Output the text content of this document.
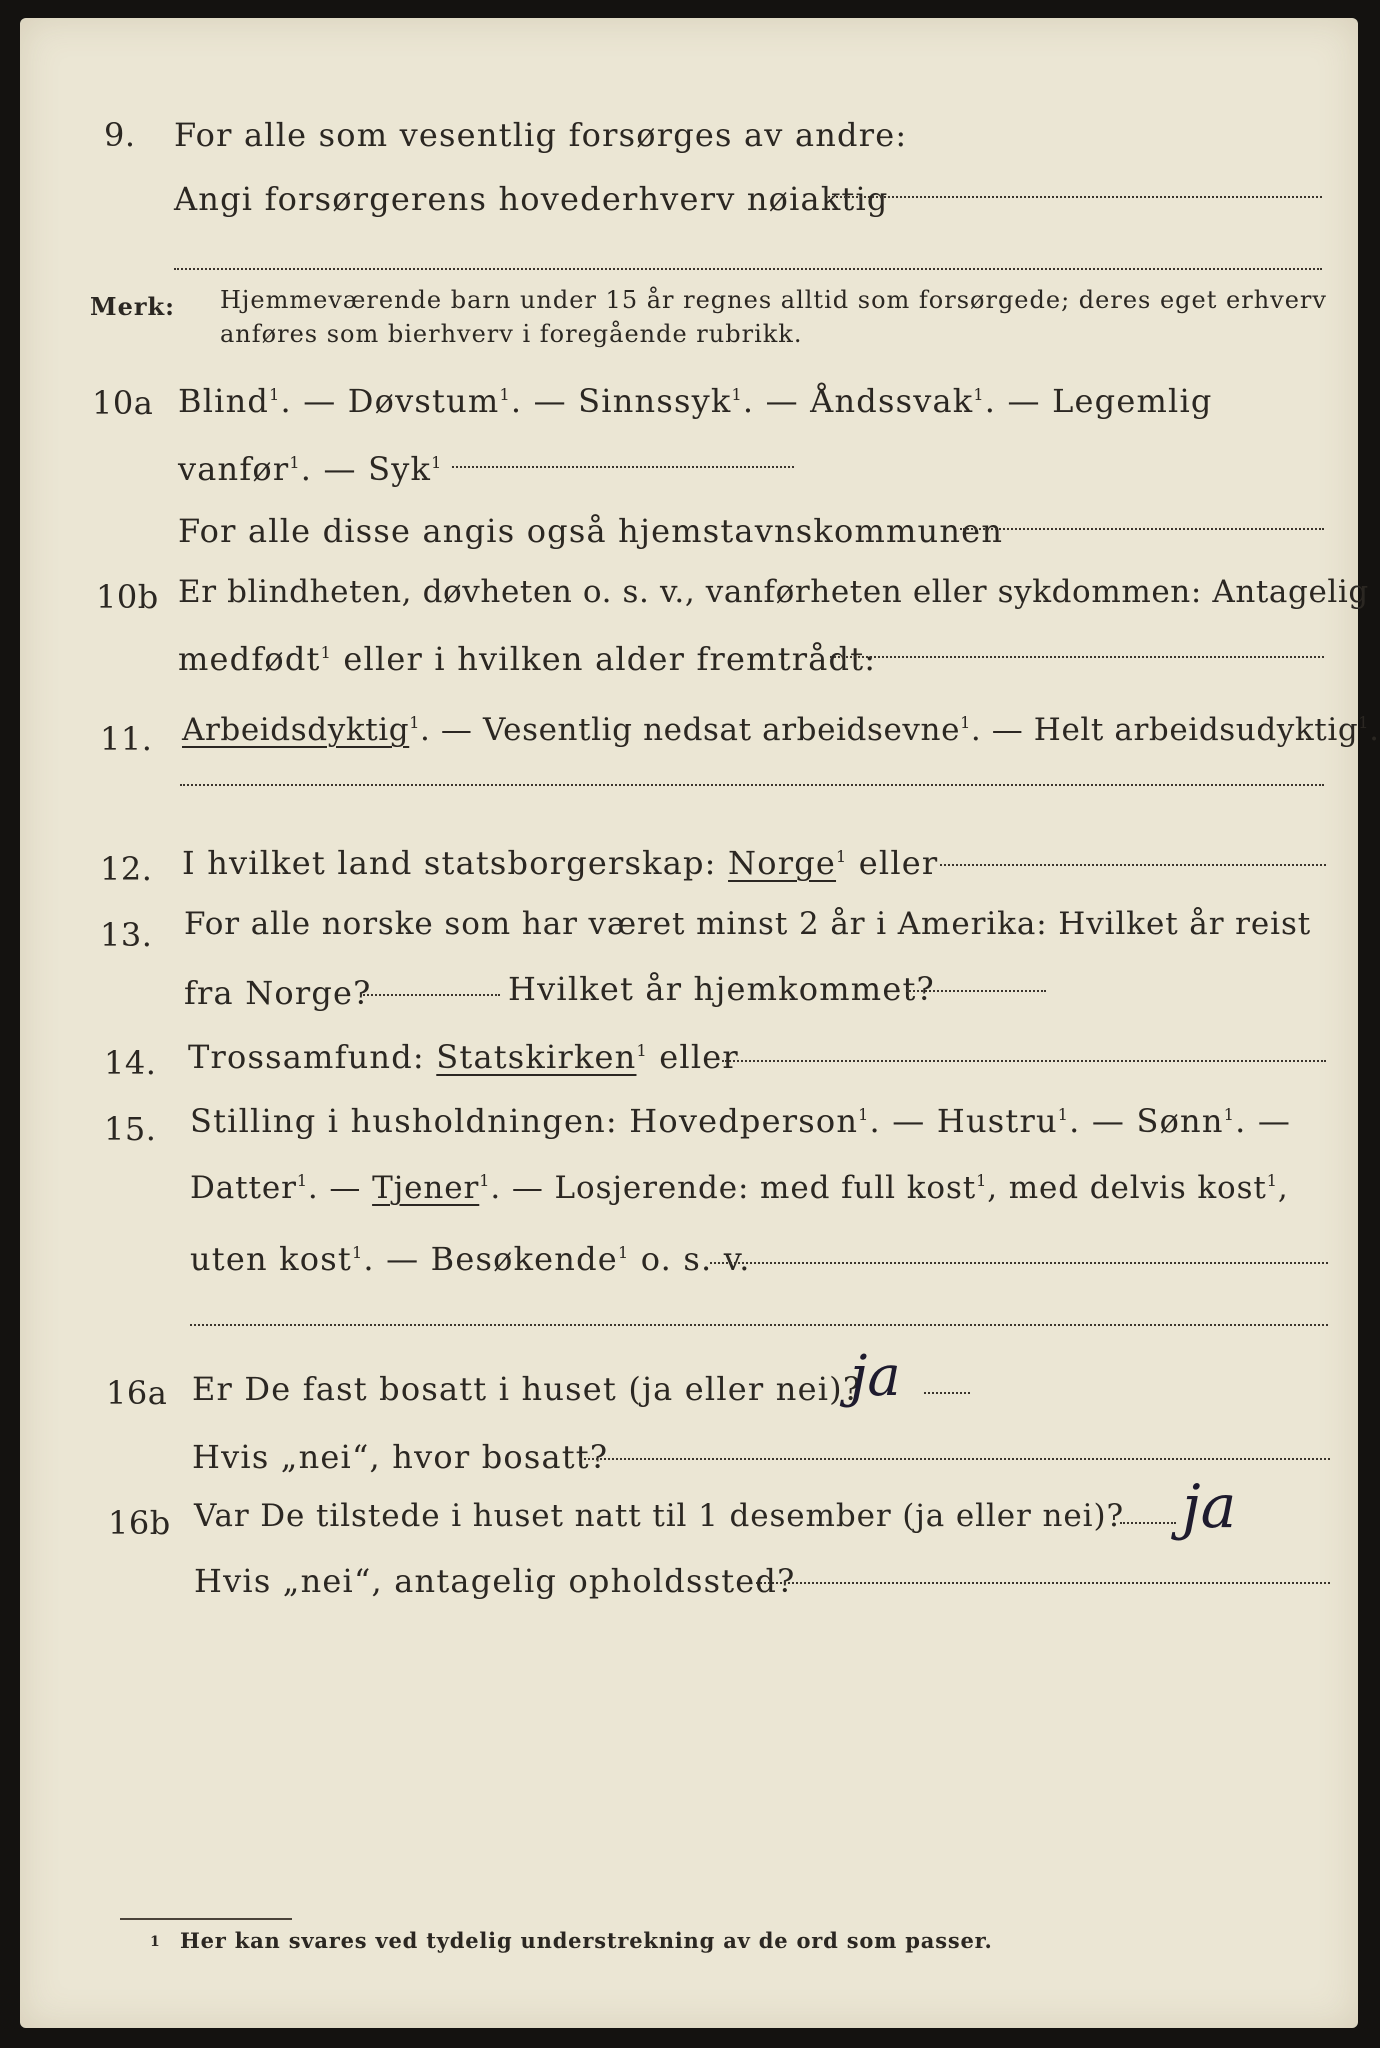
9. For alle som vesentlig forsørges av andre:
Angi forsørgerens hovederhverv nøiaktig
Merk: Hjemmeværende barn under 15 år regnes alltid som forsørgede; deres eget erhverv
anføres som bierhverv i foregående rubrikk.
10a Blind$^1$. — Døvstum$^1$. — Sinnssyk$^1$. — Åndssvak$^1$. — Legemlig
vanfør$^1$. — Syk$^1$
For alle disse angis også hjemstavnskommunen
10b Er blindheten, døvheten o. s. v., vanførheten eller sykdommen: Antagelig
medfødt$^1$ eller i hvilken alder fremtrådt:
11. Arbeidsdyktig$^1$. — Vesentlig nedsat arbeidsevne$^1$. — Helt arbeidsudyktig$^1$.
12. I hvilket land statsborgerskap: Norge$^1$ eller
13. For alle norske som har været minst 2 år i Amerika: Hvilket år reist
fra Norge?	Hvilket år hjemkommet?
14. Trossamfund: Statskirken$^1$ eller
15. Stilling i husholdningen: Hovedperson$^1$. — Hustru$^1$. — Sønn$^1$. —
Datter$^1$. — Tjener$^1$. — Losjerende: med full kost$^1$, med delvis kost$^1$,
uten kost$^1$. — Besøkende$^1$ o. s. v.
16a Er De fast bosatt i huset (ja eller nei)?
ja
Hvis „nei“, hvor bosatt?
16b Var De tilstede i huset natt til 1 desember (ja eller nei)? ja
Hvis „nei“, antagelig opholdssted?
1 Her kan svares ved tydelig understrekning av de ord som passer.
